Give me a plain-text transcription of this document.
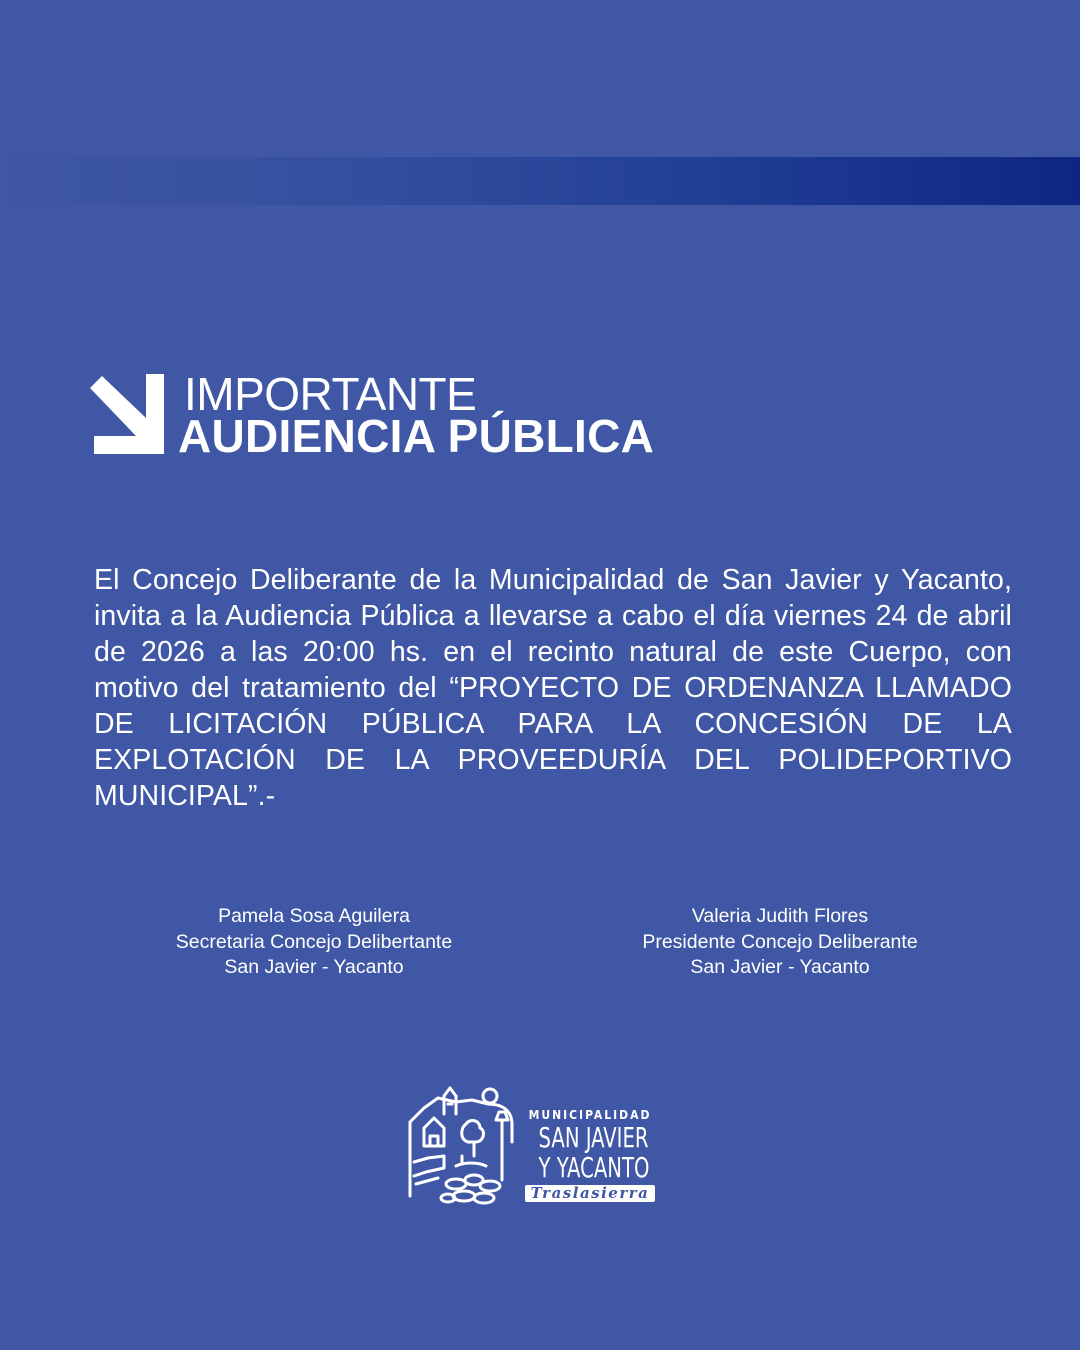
IMPORTANTE
AUDIENCIA PÚBLICA

El Concejo Deliberante de la Municipalidad de San Javier y Yacanto, invita a la Audiencia Pública a llevarse a cabo el día viernes 24 de abril de 2026 a las 20:00 hs. en el recinto natural de este Cuerpo, con motivo del tratamiento del “PROYECTO DE ORDENANZA LLAMADO DE LICITACIÓN PÚBLICA PARA LA CONCESIÓN DE LA EXPLOTACIÓN DE LA PROVEEDURÍA DEL POLIDEPORTIVO MUNICIPAL”.-

Pamela Sosa Aguilera
Secretaria Concejo Delibertante
San Javier - Yacanto
Valeria Judith Flores
Presidente Concejo Deliberante
San Javier - Yacanto
MUNICIPALIDAD
SAN JAVIER
Y YACANTO
Traslasierra
